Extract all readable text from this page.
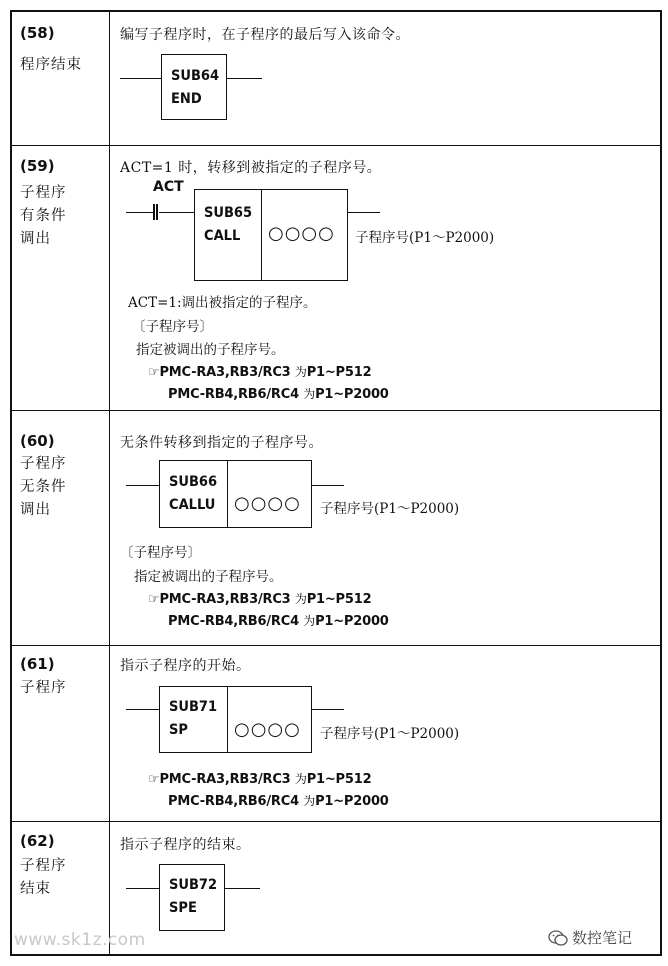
(58)
程序结束
编写子程序时，在子程序的最后写入该命令。
SUB64
END
(59)
子程序
有条件
调出
ACT=1 时，转移到被指定的子程序号。
ACT
SUB65
CALL ○○○○ 子程序号(P1～P2000)
ACT=1:调出被指定的子程序。
〔子程序号〕
指定被调出的子程序号。
☞PMC-RA3,RB3/RC3 为P1~P512
PMC-RB4,RB6/RC4 为P1~P2000
(60)
子程序
无条件
调出
无条件转移到指定的子程序号。
SUB66
CALLU ○○○○ 子程序号(P1～P2000)
〔子程序号〕
指定被调出的子程序号。
☞PMC-RA3,RB3/RC3 为P1~P512
PMC-RB4,RB6/RC4 为P1~P2000
(61)
子程序
指示子程序的开始。
SUB71
SP	○○○○ 子程序号(P1～P2000)
☞PMC-RA3,RB3/RC3 为P1~P512
PMC-RB4,RB6/RC4 为P1~P2000
(62)
子程序
结束
指示子程序的结束。
SUB72
SPE
www.sk1z.com	数控笔记
